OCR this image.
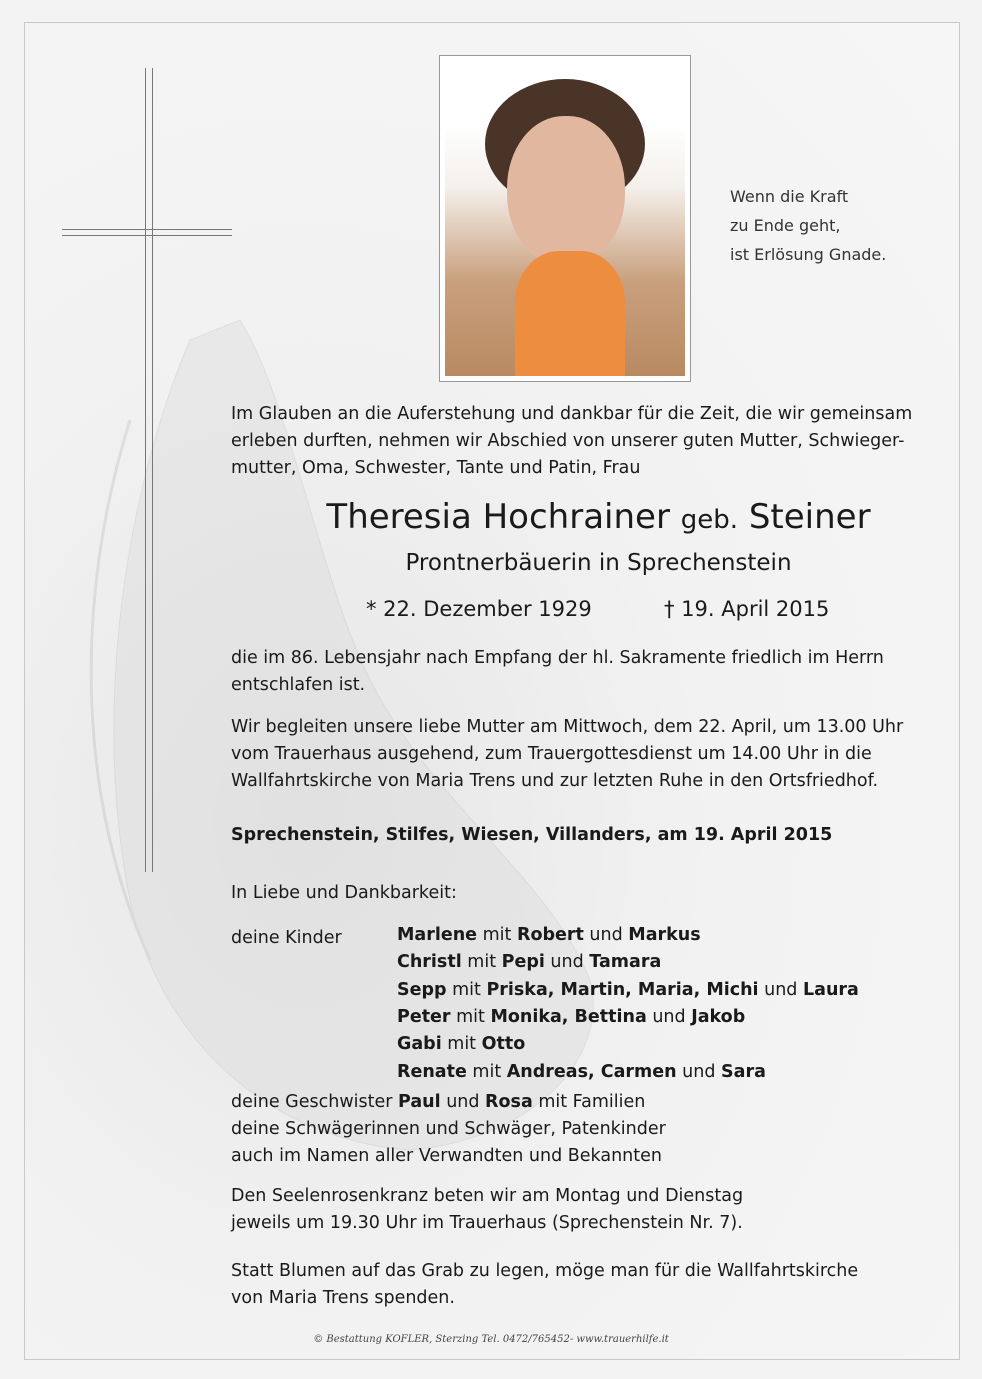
Wenn die Kraft
zu Ende geht,
ist Erlösung Gnade.
Im Glauben an die Auferstehung und dankbar für die Zeit, die wir gemeinsam
erleben durften, nehmen wir Abschied von unserer guten Mutter, Schwieger-
mutter, Oma, Schwester, Tante und Patin, Frau
Theresia Hochrainer geb. Steiner
Prontnerbäuerin in Sprechenstein
* 22. Dezember 1929	† 19. April 2015
die im 86. Lebensjahr nach Empfang der hl. Sakramente friedlich im Herrn
entschlafen ist.
Wir begleiten unsere liebe Mutter am Mittwoch, dem 22. April, um 13.00 Uhr
vom Trauerhaus ausgehend, zum Trauergottesdienst um 14.00 Uhr in die
Wallfahrtskirche von Maria Trens und zur letzten Ruhe in den Ortsfriedhof.
Sprechenstein, Stilfes, Wiesen, Villanders, am 19. April 2015
In Liebe und Dankbarkeit:
deine Kinder	Marlene mit Robert und Markus
Christl mit Pepi und Tamara
Sepp mit Priska, Martin, Maria, Michi und Laura
Peter mit Monika, Bettina und Jakob
Gabi mit Otto
Renate mit Andreas, Carmen und Sara
deine Geschwister Paul und Rosa mit Familien
deine Schwägerinnen und Schwäger, Patenkinder
auch im Namen aller Verwandten und Bekannten
Den Seelenrosenkranz beten wir am Montag und Dienstag
jeweils um 19.30 Uhr im Trauerhaus (Sprechenstein Nr. 7).
Statt Blumen auf das Grab zu legen, möge man für die Wallfahrtskirche
von Maria Trens spenden.
© Bestattung KOFLER, Sterzing Tel. 0472/765452- www.trauerhilfe.it
